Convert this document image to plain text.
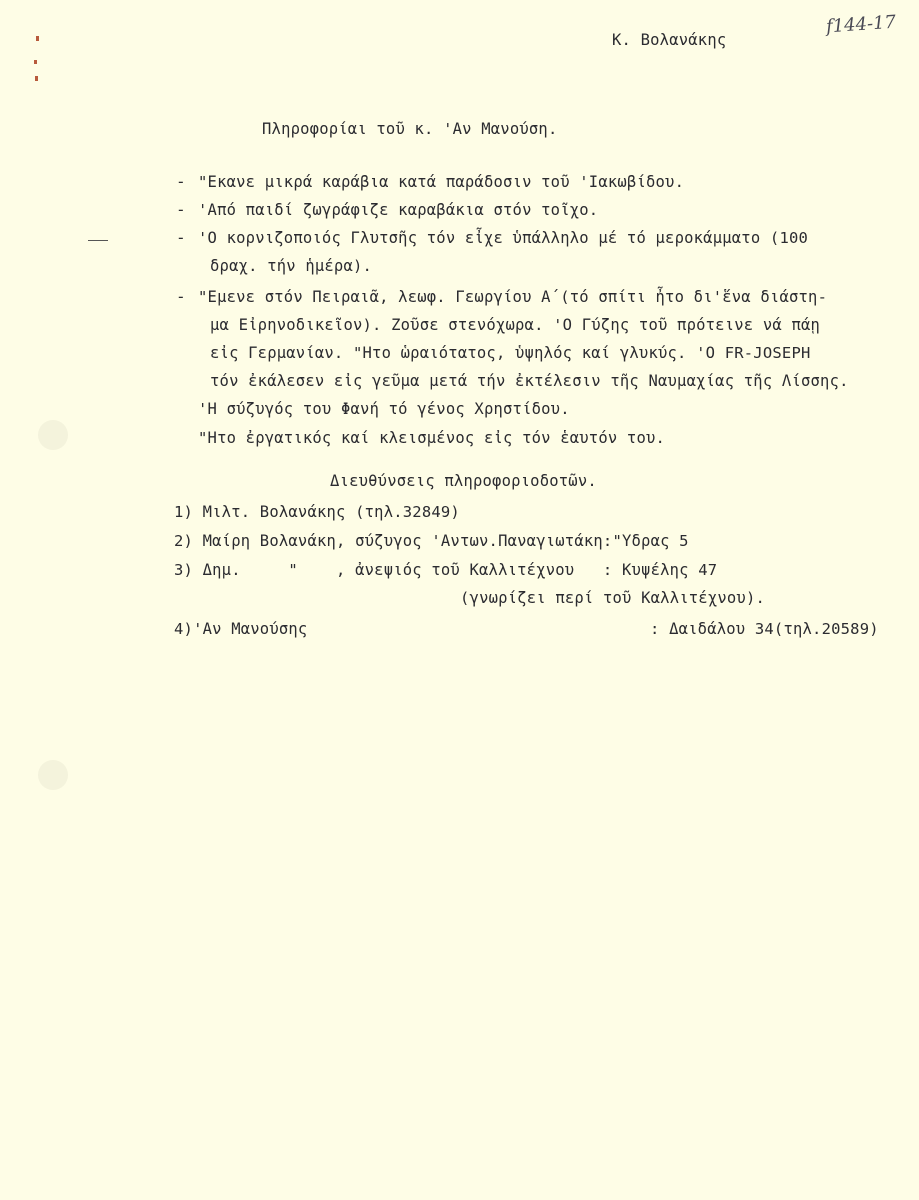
Κ. Βολανάκης
f144-17
Πληροφορίαι τοῦ κ. 'Αν Μανούση.
- "Εκανε μικρά καράβια κατά παράδοσιν τοῦ 'Ιακωβίδου.
- 'Από παιδί ζωγράφιζε καραβάκια στόν τοῖχο.
- 'Ο κορνιζοποιός Γλυτσῆς τόν εἶχε ὑπάλληλο μέ τό μεροκάμματο (100
δραχ. τήν ἡμέρα).
- "Εμενε στόν Πειραιᾶ, λεωφ. Γεωργίου Α΄(τό σπίτι ἦτο δι'ἕνα διάστη-
μα Εἰρηνοδικεῖον). Ζοῦσε στενόχωρα. 'Ο Γύζης τοῦ πρότεινε νά πάῃ
εἰς Γερμανίαν. "Ητο ὡραιότατος, ὑψηλός καί γλυκύς. 'Ο FR-JOSEPH
τόν ἐκάλεσεν εἰς γεῦμα μετά τήν ἐκτέλεσιν τῆς Ναυμαχίας τῆς Λίσσης.
'Η σύζυγός του Φανή τό γένος Χρηστίδου.
"Ητο ἐργατικός καί κλεισμένος εἰς τόν ἑαυτόν του.
Διευθύνσεις πληροφοριοδοτῶν.
1) Μιλτ. Βολανάκης (τηλ.32849)
2) Μαίρη Βολανάκη, σύζυγος 'Αντων.Παναγιωτάκη:"Υδρας 5
3) Δημ.     "    , ἀνεψιός τοῦ Καλλιτέχνου   : Κυψέλης 47
(γνωρίζει περί τοῦ Καλλιτέχνου).
4)'Αν Μανούσης	: Δαιδάλου 34(τηλ.20589)
